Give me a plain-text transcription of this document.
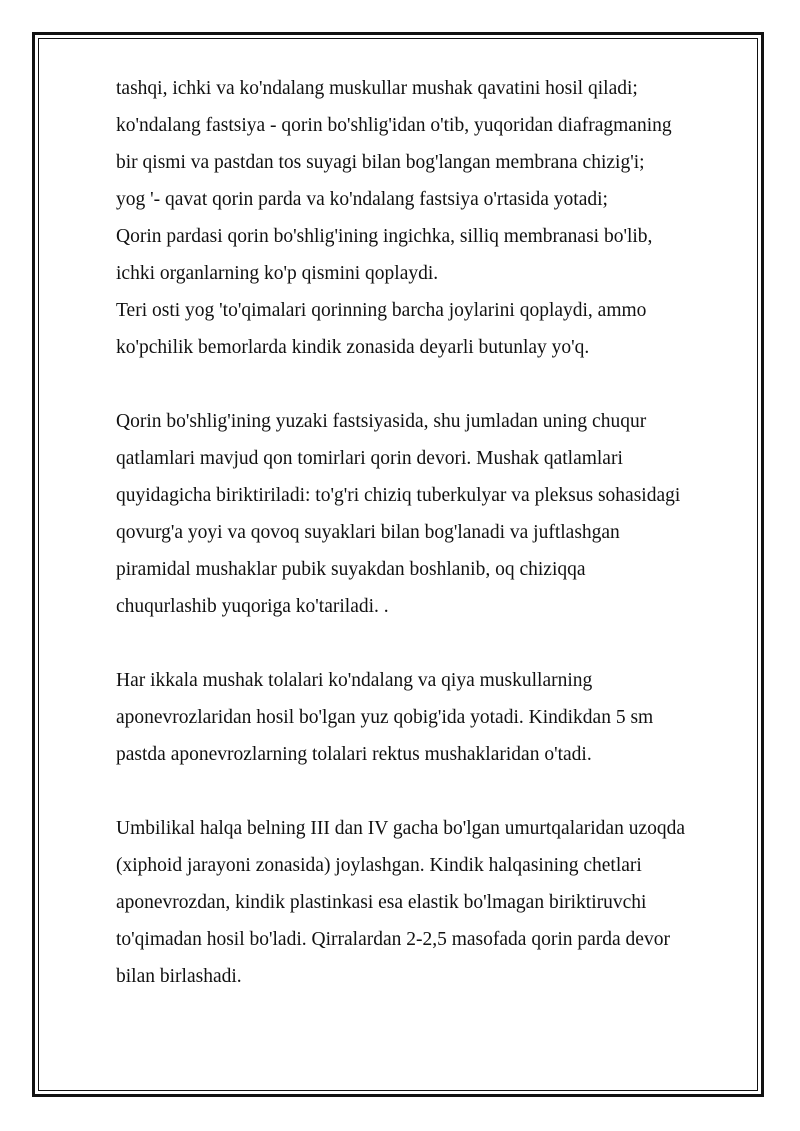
tashqi, ichki va ko'ndalang muskullar mushak qavatini hosil qiladi;
ko'ndalang fastsiya - qorin bo'shlig'idan o'tib, yuqoridan diafragmaning
bir qismi va pastdan tos suyagi bilan bog'langan membrana chizig'i;
yog '- qavat qorin parda va ko'ndalang fastsiya o'rtasida yotadi;
Qorin pardasi qorin bo'shlig'ining ingichka, silliq membranasi bo'lib,
ichki organlarning ko'p qismini qoplaydi.
Teri osti yog 'to'qimalari qorinning barcha joylarini qoplaydi, ammo
ko'pchilik bemorlarda kindik zonasida deyarli butunlay yo'q.
Qorin bo'shlig'ining yuzaki fastsiyasida, shu jumladan uning chuqur
qatlamlari mavjud qon tomirlari qorin devori. Mushak qatlamlari
quyidagicha biriktiriladi: to'g'ri chiziq tuberkulyar va pleksus sohasidagi
qovurg'a yoyi va qovoq suyaklari bilan bog'lanadi va juftlashgan
piramidal mushaklar pubik suyakdan boshlanib, oq chiziqqa
chuqurlashib yuqoriga ko'tariladi. .
Har ikkala mushak tolalari ko'ndalang va qiya muskullarning
aponevrozlaridan hosil bo'lgan yuz qobig'ida yotadi. Kindikdan 5 sm
pastda aponevrozlarning tolalari rektus mushaklaridan o'tadi.
Umbilikal halqa belning III dan IV gacha bo'lgan umurtqalaridan uzoqda
(xiphoid jarayoni zonasida) joylashgan. Kindik halqasining chetlari
aponevrozdan, kindik plastinkasi esa elastik bo'lmagan biriktiruvchi
to'qimadan hosil bo'ladi. Qirralardan 2-2,5 masofada qorin parda devor
bilan birlashadi.
